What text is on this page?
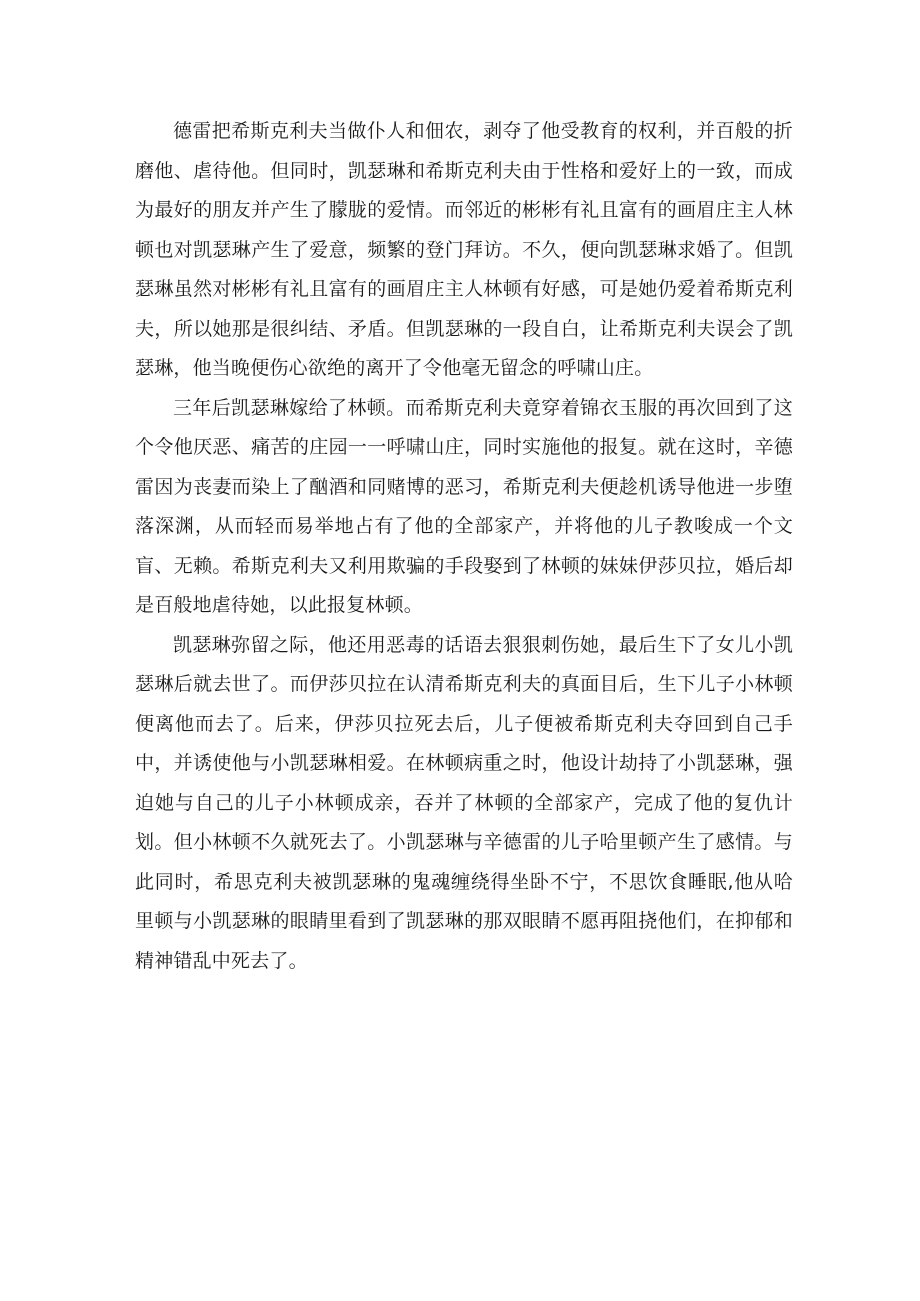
德雷把希斯克利夫当做仆人和佃农，剥夺了他受教育的权利，并百般的折磨他、虐待他。但同时，凯瑟琳和希斯克利夫由于性格和爱好上的一致，而成为最好的朋友并产生了朦胧的爱情。而邻近的彬彬有礼且富有的画眉庄主人林顿也对凯瑟琳产生了爱意，频繁的登门拜访。不久，便向凯瑟琳求婚了。但凯瑟琳虽然对彬彬有礼且富有的画眉庄主人林顿有好感，可是她仍爱着希斯克利夫，所以她那是很纠结、矛盾。但凯瑟琳的一段自白，让希斯克利夫误会了凯瑟琳，他当晚便伤心欲绝的离开了令他毫无留念的呼啸山庄。

三年后凯瑟琳嫁给了林顿。而希斯克利夫竟穿着锦衣玉服的再次回到了这个令他厌恶、痛苦的庄园一一呼啸山庄，同时实施他的报复。就在这时，辛德雷因为丧妻而染上了酗酒和同赌博的恶习，希斯克利夫便趁机诱导他进一步堕落深渊，从而轻而易举地占有了他的全部家产，并将他的儿子教唆成一个文盲、无赖。希斯克利夫又利用欺骗的手段娶到了林顿的妹妹伊莎贝拉，婚后却是百般地虐待她，以此报复林顿。

凯瑟琳弥留之际，他还用恶毒的话语去狠狠刺伤她，最后生下了女儿小凯瑟琳后就去世了。而伊莎贝拉在认清希斯克利夫的真面目后，生下儿子小林顿便离他而去了。后来，伊莎贝拉死去后，儿子便被希斯克利夫夺回到自己手中，并诱使他与小凯瑟琳相爱。在林顿病重之时，他设计劫持了小凯瑟琳，强迫她与自己的儿子小林顿成亲，吞并了林顿的全部家产，完成了他的复仇计划。但小林顿不久就死去了。小凯瑟琳与辛德雷的儿子哈里顿产生了感情。与此同时，希思克利夫被凯瑟琳的鬼魂缠绕得坐卧不宁，不思饮食睡眠,他从哈里顿与小凯瑟琳的眼睛里看到了凯瑟琳的那双眼睛不愿再阻挠他们，在抑郁和精神错乱中死去了。
